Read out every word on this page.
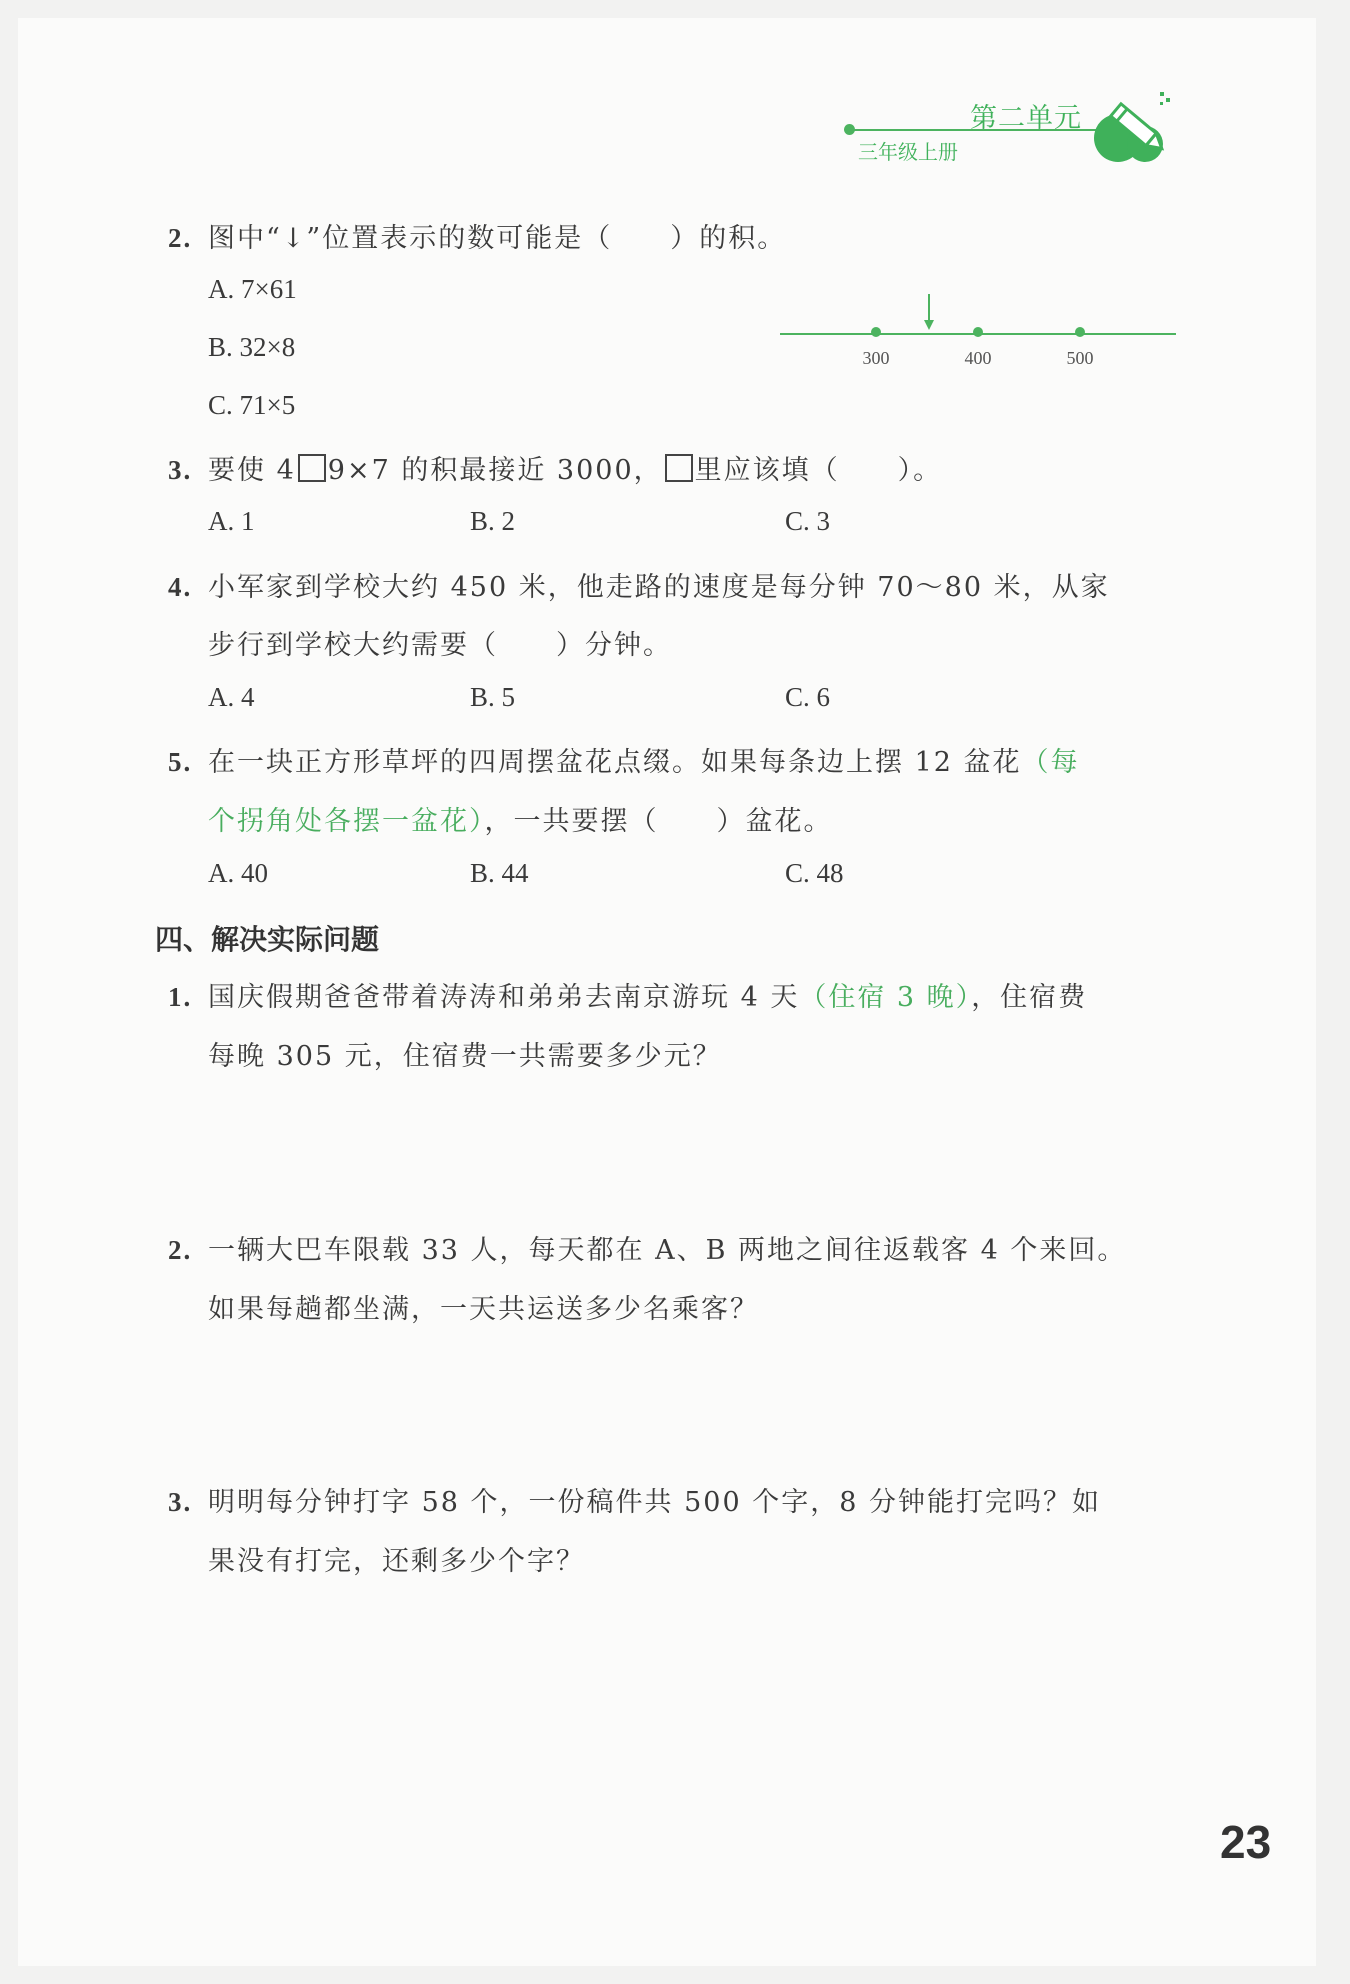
第二单元
三年级上册
2. 图中“↓”位置表示的数可能是（　　）的积。
A. 7×61
B. 32×8
C. 71×5
300	400	500
3. 要使 4 9×7 的积最接近 3000， 里应该填（　　）。
A. 1	B. 2	C. 3
4. 小军家到学校大约 450 米，他走路的速度是每分钟 70～80 米，从家
步行到学校大约需要（　　）分钟。
A. 4	B. 5	C. 6
5. 在一块正方形草坪的四周摆盆花点缀。如果每条边上摆 12 盆花（每
个拐角处各摆一盆花），一共要摆（　　）盆花。
A. 40	B. 44	C. 48
四、解决实际问题
1. 国庆假期爸爸带着涛涛和弟弟去南京游玩 4 天（住宿 3 晚），住宿费
每晚 305 元，住宿费一共需要多少元？
2. 一辆大巴车限载 33 人，每天都在 A、B 两地之间往返载客 4 个来回。
如果每趟都坐满，一天共运送多少名乘客？
3. 明明每分钟打字 58 个，一份稿件共 500 个字，8 分钟能打完吗？如
果没有打完，还剩多少个字？
23
